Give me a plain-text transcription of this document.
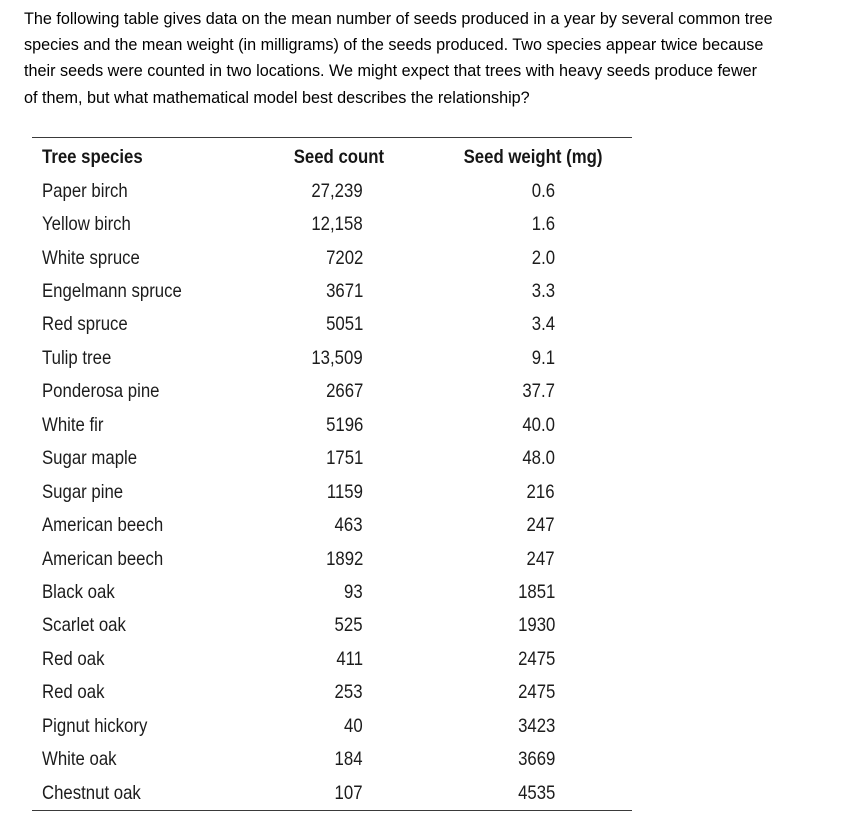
The following table gives data on the mean number of seeds produced in a year by several common tree
species and the mean weight (in milligrams) of the seeds produced. Two species appear twice because
their seeds were counted in two locations. We might expect that trees with heavy seeds produce fewer
of them, but what mathematical model best describes the relationship?
Tree species	Seed count	Seed weight (mg)
Paper birch	27,239	0.6
Yellow birch	12,158	1.6
White spruce	7202	2.0
Engelmann spruce	3671	3.3
Red spruce	5051	3.4
Tulip tree	13,509	9.1
Ponderosa pine	2667	37.7
White fir	5196	40.0
Sugar maple	1751	48.0
Sugar pine	1159	216
American beech	463	247
American beech	1892	247
Black oak	93	1851
Scarlet oak	525	1930
Red oak	411	2475
Red oak	253	2475
Pignut hickory	40	3423
White oak	184	3669
Chestnut oak	107	4535
